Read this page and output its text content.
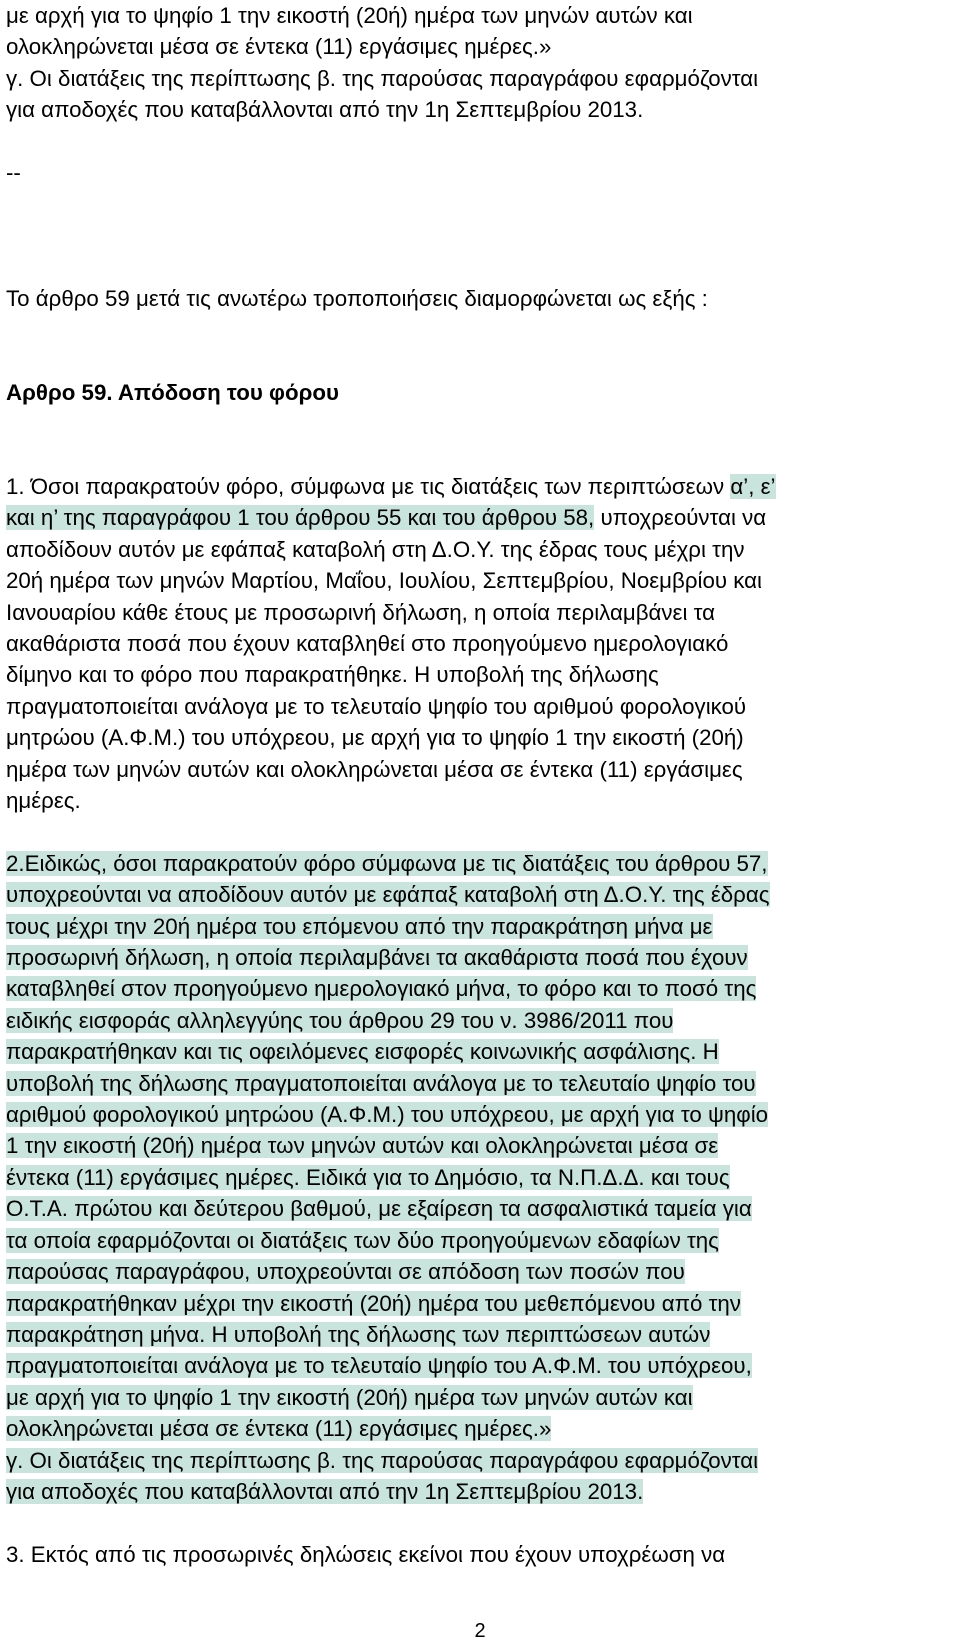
με αρχή για το ψηφίο 1 την εικοστή (20ή) ημέρα των μηνών αυτών και
ολοκληρώνεται μέσα σε έντεκα (11) εργάσιμες ημέρες.»
γ. Οι διατάξεις της περίπτωσης β. της παρούσας παραγράφου εφαρμόζονται
για αποδοχές που καταβάλλονται από την 1η Σεπτεμβρίου 2013.
--
Το άρθρο 59 μετά τις ανωτέρω τροποποιήσεις διαμορφώνεται ως εξής :
Αρθρο 59. Απόδοση του φόρου
1. Όσοι παρακρατούν φόρο, σύμφωνα με τις διατάξεις των περιπτώσεων α’, ε’
και η’ της παραγράφου 1 του άρθρου 55 και του άρθρου 58, υποχρεούνται να
αποδίδουν αυτόν με εφάπαξ καταβολή στη Δ.Ο.Υ. της έδρας τους μέχρι την
20ή ημέρα των μηνών Μαρτίου, Μαΐου, Ιουλίου, Σεπτεμβρίου, Νοεμβρίου και
Ιανουαρίου κάθε έτους με προσωρινή δήλωση, η οποία περιλαμβάνει τα
ακαθάριστα ποσά που έχουν καταβληθεί στο προηγούμενο ημερολογιακό
δίμηνο και το φόρο που παρακρατήθηκε. Η υποβολή της δήλωσης
πραγματοποιείται ανάλογα με το τελευταίο ψηφίο του αριθμού φορολογικού
μητρώου (Α.Φ.Μ.) του υπόχρεου, με αρχή για το ψηφίο 1 την εικοστή (20ή)
ημέρα των μηνών αυτών και ολοκληρώνεται μέσα σε έντεκα (11) εργάσιμες
ημέρες.
2.Ειδικώς, όσοι παρακρατούν φόρο σύμφωνα με τις διατάξεις του άρθρου 57,
υποχρεούνται να αποδίδουν αυτόν με εφάπαξ καταβολή στη Δ.Ο.Υ. της έδρας
τους μέχρι την 20ή ημέρα του επόμενου από την παρακράτηση μήνα με
προσωρινή δήλωση, η οποία περιλαμβάνει τα ακαθάριστα ποσά που έχουν
καταβληθεί στον προηγούμενο ημερολογιακό μήνα, το φόρο και το ποσό της
ειδικής εισφοράς αλληλεγγύης του άρθρου 29 του ν. 3986/2011 που
παρακρατήθηκαν και τις οφειλόμενες εισφορές κοινωνικής ασφάλισης. Η
υποβολή της δήλωσης πραγματοποιείται ανάλογα με το τελευταίο ψηφίο του
αριθμού φορολογικού μητρώου (Α.Φ.Μ.) του υπόχρεου, με αρχή για το ψηφίο
1 την εικοστή (20ή) ημέρα των μηνών αυτών και ολοκληρώνεται μέσα σε
έντεκα (11) εργάσιμες ημέρες. Ειδικά για το Δημόσιο, τα Ν.Π.Δ.Δ. και τους
Ο.Τ.Α. πρώτου και δεύτερου βαθμού, με εξαίρεση τα ασφαλιστικά ταμεία για
τα οποία εφαρμόζονται οι διατάξεις των δύο προηγούμενων εδαφίων της
παρούσας παραγράφου, υποχρεούνται σε απόδοση των ποσών που
παρακρατήθηκαν μέχρι την εικοστή (20ή) ημέρα του μεθεπόμενου από την
παρακράτηση μήνα. Η υποβολή της δήλωσης των περιπτώσεων αυτών
πραγματοποιείται ανάλογα με το τελευταίο ψηφίο του Α.Φ.Μ. του υπόχρεου,
με αρχή για το ψηφίο 1 την εικοστή (20ή) ημέρα των μηνών αυτών και
ολοκληρώνεται μέσα σε έντεκα (11) εργάσιμες ημέρες.»
γ. Οι διατάξεις της περίπτωσης β. της παρούσας παραγράφου εφαρμόζονται
για αποδοχές που καταβάλλονται από την 1η Σεπτεμβρίου 2013.
3. Εκτός από τις προσωρινές δηλώσεις εκείνοι που έχουν υποχρέωση να
2
